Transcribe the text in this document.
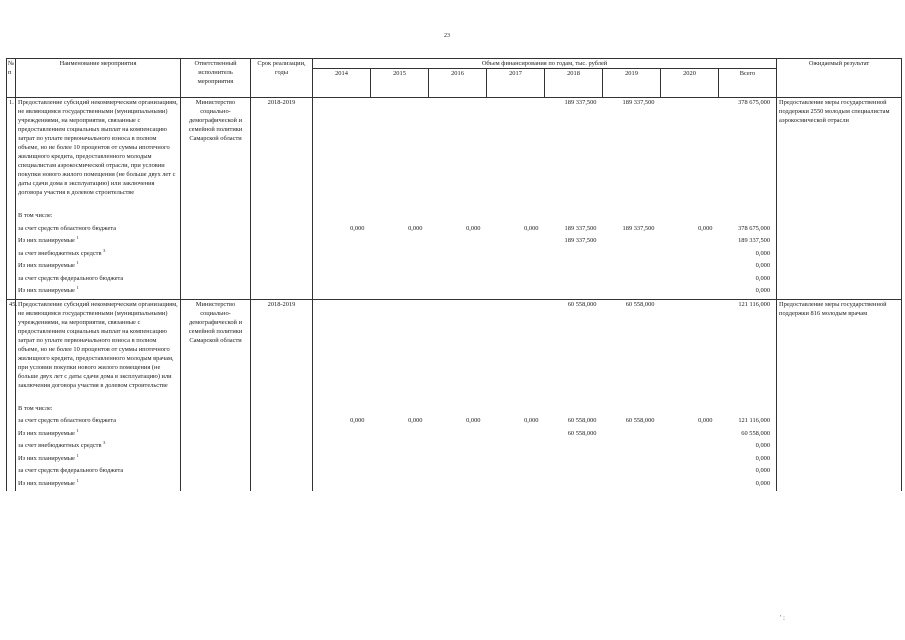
23
№
п	Наименование мероприятия	Ответственный исполнитель мероприятия	Срок реализации, годы	Объем финансирования по годам, тыс. рублей								Ожидаемый результат
				2014	2015	2016	2017	2018	2019	2020	Всего	
1.	Предоставление субсидий некоммерческим организациям, не являющимся государственными (муниципальными) учреждениями, на мероприятия, связанные с предоставлением социальных выплат на компенсацию затрат по уплате первоначального взноса в полном объеме, но не более 10 процентов от суммы ипотечного жилищного кредита, предоставленного молодым специалистам аэрокосмической отрасли, при условии покупки нового жилого помещения (не больше двух лет с даты сдачи дома в эксплуатацию) или заключения договора участия в долевом строительстве	Министерство социально-демографической и семейной политики Самарской области	2018-2019					189 337,500	189 337,500		378 675,000	Предоставление меры государственной поддержки 2550 молодым специалистам аэрокосмической отрасли

	В том числе:											
	за счет средств областного бюджета			0,000	0,000	0,000	0,000	189 337,500	189 337,500	0,000	378 675,000	
	Из них планируемые $^1$							189 337,500			189 337,500	
	за счет внебюджетных средств $^3$										0,000	
	Из них планируемые $^1$										0,000	
	за счет средств федерального бюджета										0,000	
	Из них планируемые $^1$										0,000	
45.	Предоставление субсидий некоммерческим организациям, не являющимся государственными (муниципальными) учреждениями, на мероприятия, связанные с предоставлением социальных выплат на компенсацию затрат по уплате первоначального взноса в полном объеме, но не более 10 процентов от суммы ипотечного жилищного кредита, предоставленного молодым врачам, при условии покупки нового жилого помещения (не больше двух лет с даты сдачи дома в эксплуатацию) или заключения договора участия в долевом строительстве	Министерство социально-демографической и семейной политики Самарской области	2018-2019					60 558,000	60 558,000		121 116,000	Предоставление меры государственной поддержки 816 молодым врачам

	В том числе:											
	за счет средств областного бюджета			0,000	0,000	0,000	0,000	60 558,000	60 558,000	0,000	121 116,000	
	Из них планируемые $^1$							60 558,000			60 558,000	
	за счет внебюджетных средств $^3$										0,000	
	Из них планируемые $^1$										0,000	
	за счет средств федерального бюджета										0,000	
	Из них планируемые $^1$										0,000	
' :
